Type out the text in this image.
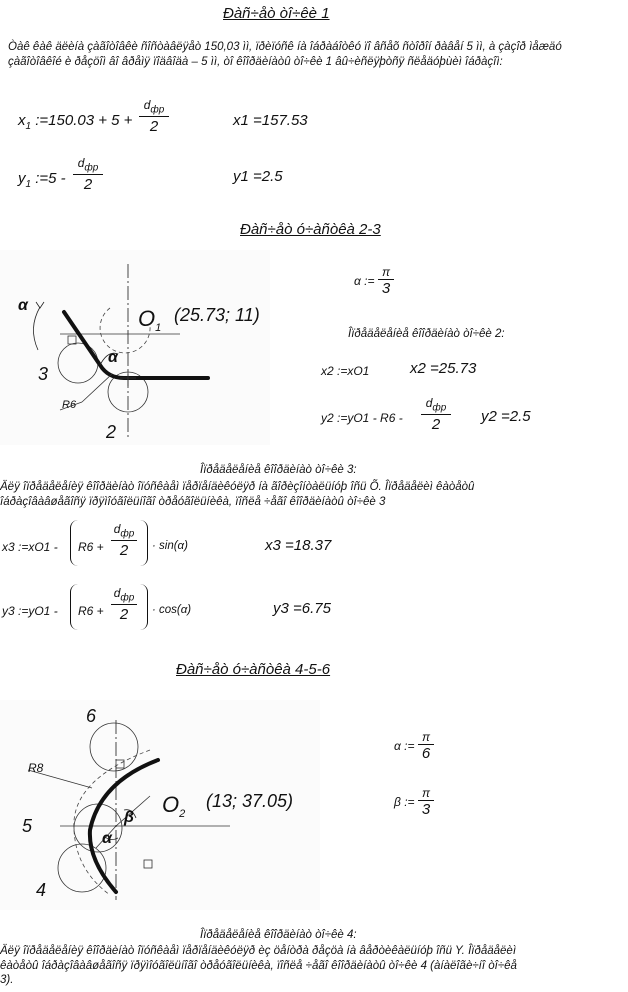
Ðàñ÷åò òî÷êè 1
Òàê êàê äëèíà çàãîòîâêè ñîñòàâëÿåò 150,03 ìì, ïðèïóñê íà îáðàáîòêó ïî âñåõ ñòîðîí ðàâåí 5 ìì, à çàçîð ìåæäó çàãîòîâêîé è ðåçöîì âî âðåìÿ ïîäâîäà – 5 ìì, òî êîîðäèíàòû òî÷êè 1 âû÷èñëÿþòñÿ ñëåäóþùèì îáðàçîì:
$x_1$ :=150.03 + 5 +
$d_{фр}$
2	x1 =157.53
$y_1$ :=5 -
$d_{фр}$
2	y1 =2.5
Ðàñ÷åò ó÷àñòêà 2-3
α
α
$O_1$
(25.73; 11)
3
R6
2
α :=
π
3
Îïðåäåëåíèå êîîðäèíàò òî÷êè 2:
x2 :=xO1	x2 =25.73
y2 :=yO1 - R6 -
$d_{фр}$
2	y2 =2.5
Îïðåäåëåíèå êîîðäèíàò òî÷êè 3:
Äëÿ îïðåäåëåíèÿ êîîðäèíàò îïóñêàåì ïåðïåíäèêóëÿð íà ãîðèçîíòàëüíóþ îñü Õ. Îïðåäåëèì êàòåòû îáðàçîâàâøåãîñÿ ïðÿìîóãîëüíîãî òðåóãîëüíèêà, ïîñëå ÷åãî êîîðäèíàòû òî÷êè 3
x3 :=xO1 - R6 +
$d_{фр}$
2	· sin(α)	x3 =18.37
y3 :=yO1 - R6 +
$d_{фр}$
2	· cos(α)	y3 =6.75
Ðàñ÷åò ó÷àñòêà 4-5-6
6
R8
5
4
β
α
$O_2$
(13; 37.05)
α :=
π
6
β :=
π
3
Îïðåäåëåíèå êîîðäèíàò òî÷êè 4:
Äëÿ îïðåäåëåíèÿ êîîðäèíàò îïóñêàåì ïåðïåíäèêóëÿð èç öåíòðà ðåçöà íà âåðòèêàëüíóþ îñü Y. Îïðåäåëèì êàòåòû îáðàçîâàâøåãîñÿ ïðÿìîóãîëüíîãî òðåóãîëüíèêà, ïîñëå ÷åãî êîîðäèíàòû òî÷êè 4 (àíàëîãè÷íî òî÷êå 3).
